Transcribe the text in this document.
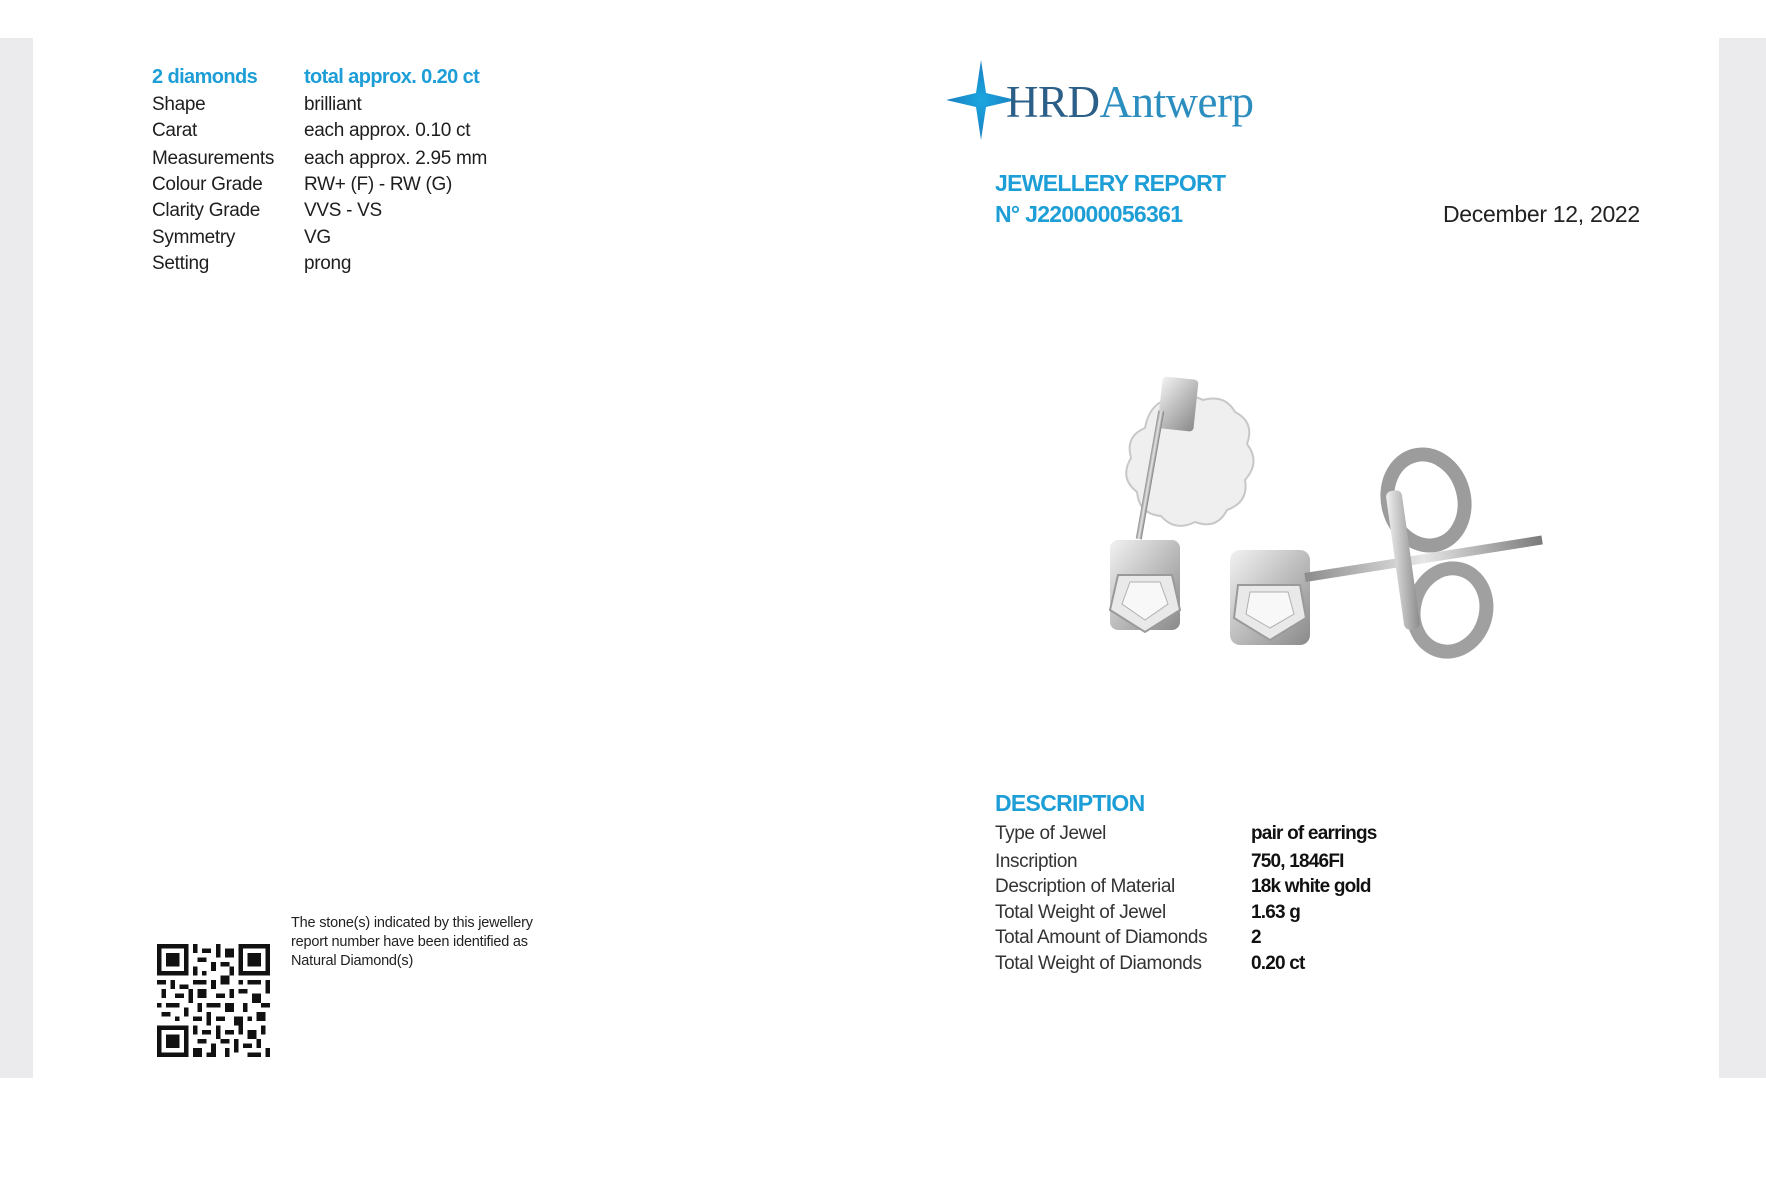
2 diamonds total approx. 0.20 ct
Shape	brilliant
Carat	each approx. 0.10 ct
Measurements each approx. 2.95 mm
Colour Grade RW+ (F) - RW (G)
Clarity Grade VVS - VS
Symmetry	VG
Setting	prong
The stone(s) indicated by this jewellery
report number have been identified as
Natural Diamond(s)
HRDAntwerp
JEWELLERY REPORT
N° J220000056361	December 12, 2022
DESCRIPTION
Type of Jewel	pair of earrings
Inscription	750, 1846FI
Description of Material	18k white gold
Total Weight of Jewel	1.63 g
Total Amount of Diamonds 2
Total Weight of Diamonds	0.20 ct
